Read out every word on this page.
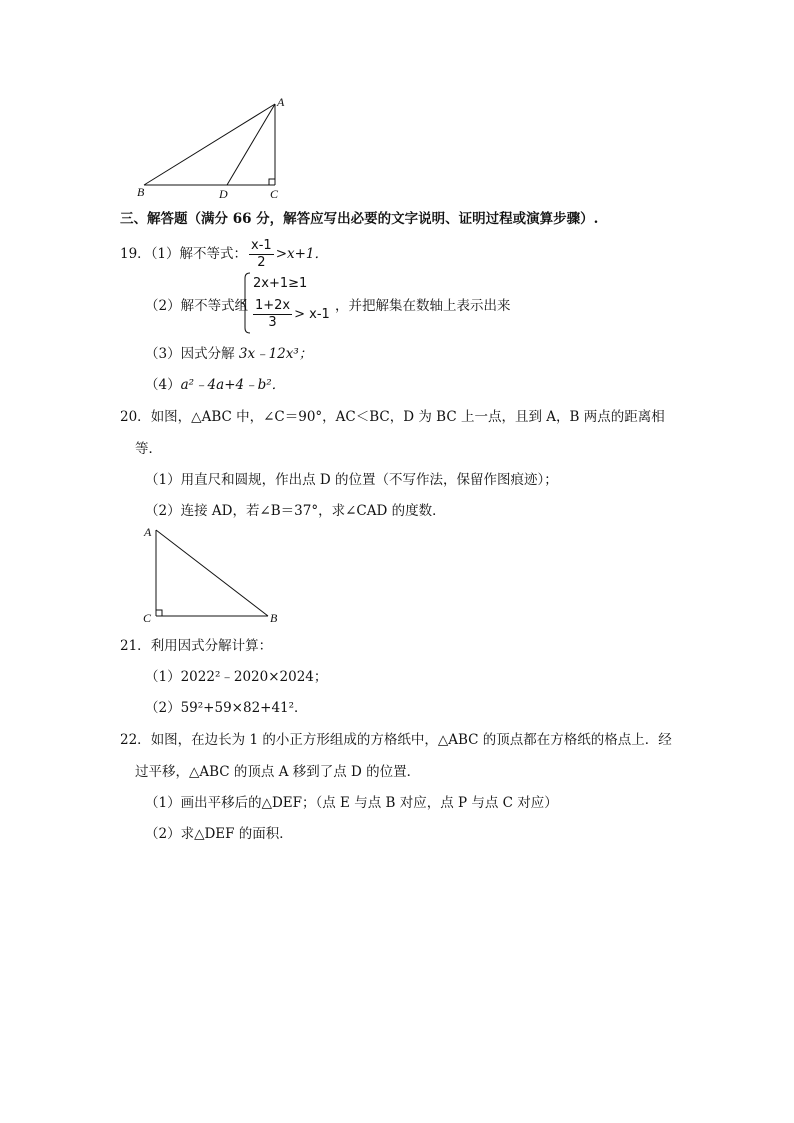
A
B	D	C
三、解答题（满分 66 分，解答应写出必要的文字说明、证明过程或演算步骤）.
19．（1）解不等式： $\frac{x-1}{2} >x+1$．
（2）解不等式组
2x+1≥1
$\frac{1+2x}{3} > x-1$
，并把解集在数轴上表示出来
（3）因式分解 3x﹣12x³；
（4）a²﹣4a+4﹣b²．
20．如图，△ABC 中，∠C＝90°，AC＜BC，D 为 BC 上一点，且到 A，B 两点的距离相
等．
（1）用直尺和圆规，作出点 D 的位置（不写作法，保留作图痕迹）；
（2）连接 AD，若∠B＝37°，求∠CAD 的度数．
A
C	B
21．利用因式分解计算：
（1）2022²﹣2020×2024；
（2）59²+59×82+41²．
22．如图，在边长为 1 的小正方形组成的方格纸中，△ABC 的顶点都在方格纸的格点上．经
过平移，△ABC 的顶点 A 移到了点 D 的位置．
（1）画出平移后的△DEF；（点 E 与点 B 对应，点 P 与点 C 对应）
（2）求△DEF 的面积．
